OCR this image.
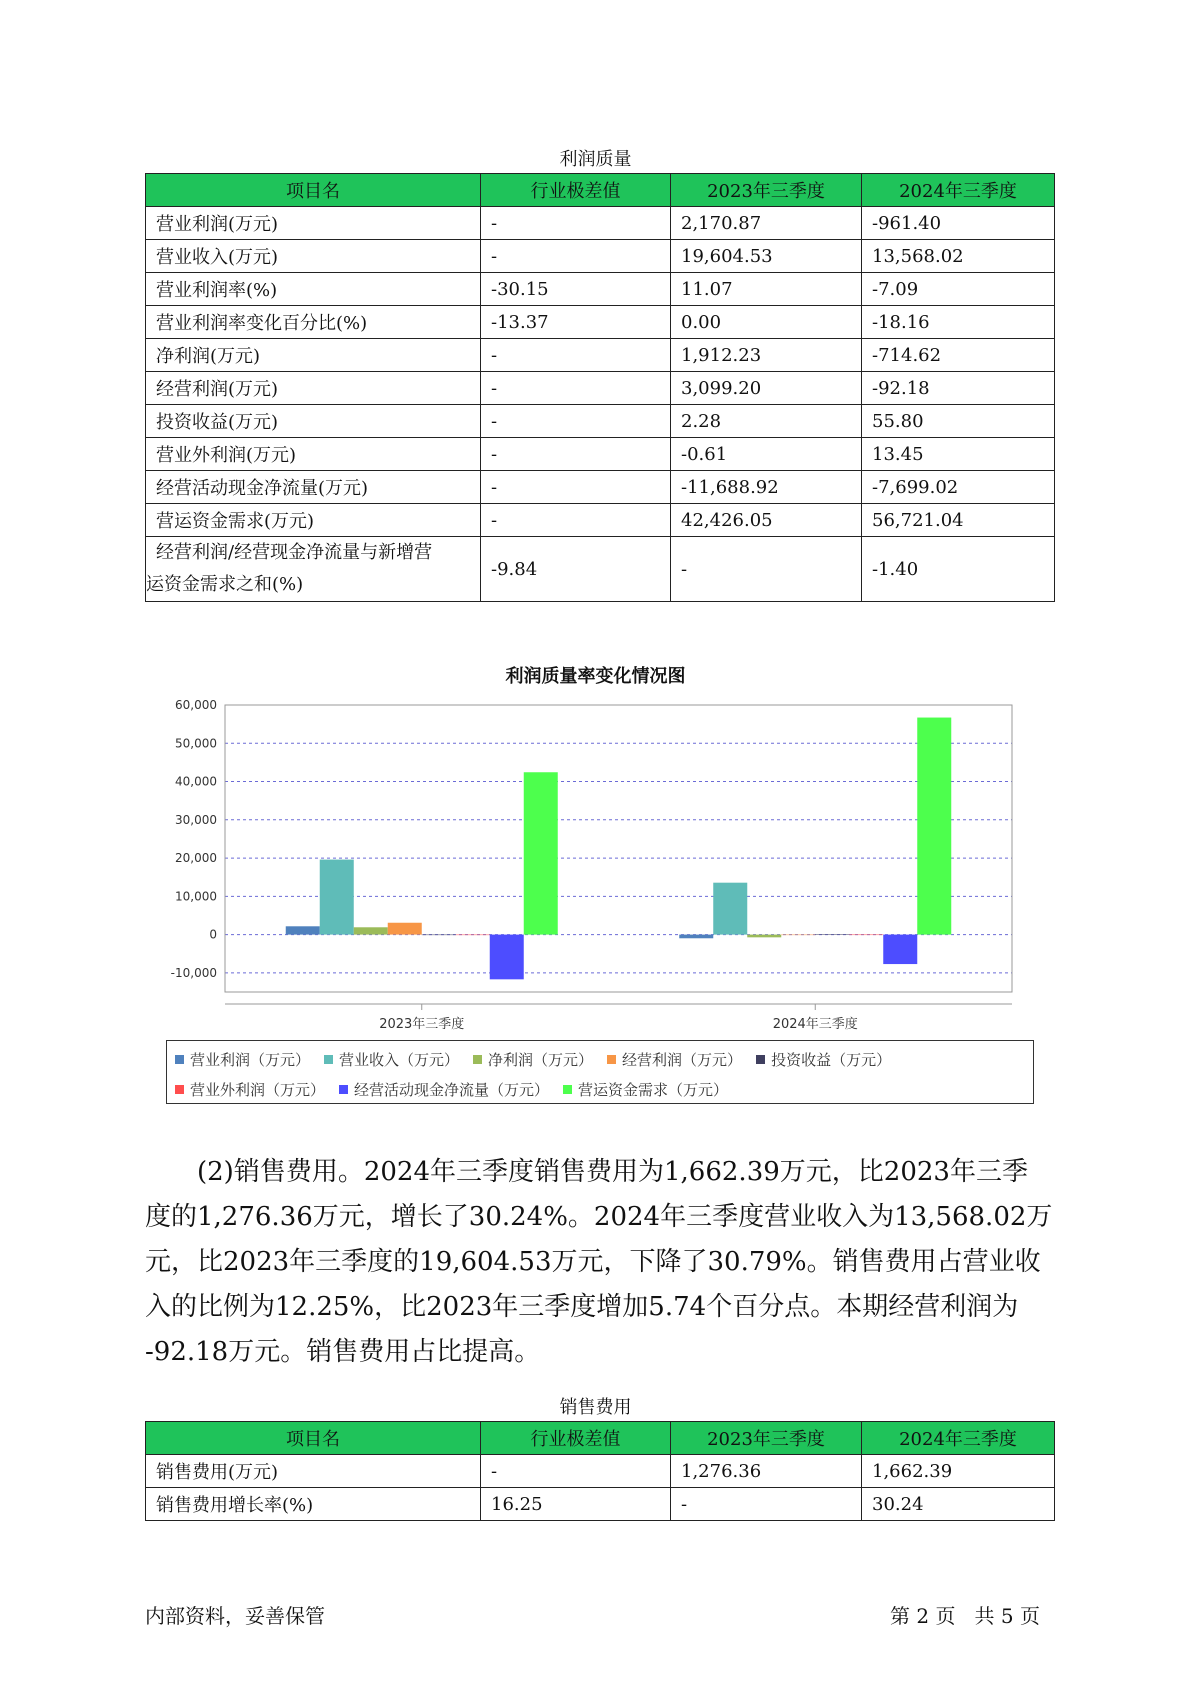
利润质量
项目名	行业极差值	2023年三季度	2024年三季度
营业利润(万元)	-	2,170.87	-961.40
营业收入(万元)	-	19,604.53	13,568.02
营业利润率(%)	-30.15	11.07	-7.09
营业利润率变化百分比(%)	-13.37	0.00	-18.16
净利润(万元)	-	1,912.23	-714.62
经营利润(万元)	-	3,099.20	-92.18
投资收益(万元)	-	2.28	55.80
营业外利润(万元)	-	-0.61	13.45
经营活动现金净流量(万元)	-	-11,688.92	-7,699.02
营运资金需求(万元)	-	42,426.05	56,721.04

经营利润/经营现金净流量与新增营
运资金需求之和(%)	-9.84	-	-1.40
利润质量率变化情况图
-10,000
0
10,000
20,000
30,000
40,000
50,000
60,000
2023年三季度	2024年三季度
营业利润（万元） 营业收入（万元） 净利润（万元） 经营利润（万元） 投资收益（万元）
营业外利润（万元） 经营活动现金净流量（万元） 营运资金需求（万元）

(2)销售费用。2024年三季度销售费用为1,662.39万元，比2023年三季

度的1,276.36万元，增长了30.24%。2024年三季度营业收入为13,568.02万
元，比2023年三季度的19,604.53万元，下降了30.79%。销售费用占营业收
入的比例为12.25%，比2023年三季度增加5.74个百分点。本期经营利润为
-92.18万元。销售费用占比提高。
销售费用
项目名	行业极差值	2023年三季度	2024年三季度
销售费用(万元)	-	1,276.36	1,662.39
销售费用增长率(%)	16.25	-	30.24
内部资料，妥善保管	第 2 页   共 5 页
